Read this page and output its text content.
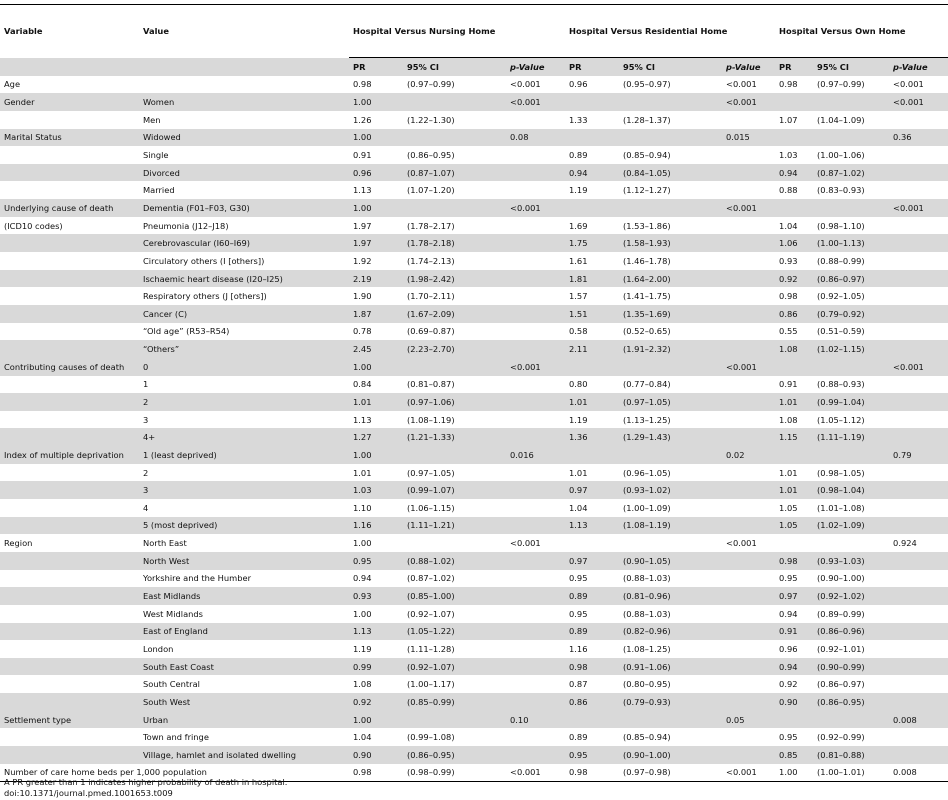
Variable	Value	Hospital Versus Nursing Home			Hospital Versus Residential Home			Hospital Versus Own Home		
		PR	95% CI	p-Value	PR	95% CI	p-Value	PR	95% CI	p-Value
Age		0.98	(0.97–0.99)	<0.001	0.96	(0.95–0.97)	<0.001	0.98	(0.97–0.99)	<0.001
Gender	Women	1.00		<0.001			<0.001			<0.001
	Men	1.26	(1.22–1.30)		1.33	(1.28–1.37)		1.07	(1.04–1.09)	
Marital Status	Widowed	1.00		0.08			0.015			0.36
	Single	0.91	(0.86–0.95)		0.89	(0.85–0.94)		1.03	(1.00–1.06)	
	Divorced	0.96	(0.87–1.07)		0.94	(0.84–1.05)		0.94	(0.87–1.02)	
	Married	1.13	(1.07–1.20)		1.19	(1.12–1.27)		0.88	(0.83–0.93)	
Underlying cause of death	Dementia (F01–F03, G30)	1.00		<0.001			<0.001			<0.001
(ICD10 codes)	Pneumonia (J12–J18)	1.97	(1.78–2.17)		1.69	(1.53–1.86)		1.04	(0.98–1.10)	
	Cerebrovascular (I60–I69)	1.97	(1.78–2.18)		1.75	(1.58–1.93)		1.06	(1.00–1.13)	
	Circulatory others (I [others])	1.92	(1.74–2.13)		1.61	(1.46–1.78)		0.93	(0.88–0.99)	
	Ischaemic heart disease (I20–I25)	2.19	(1.98–2.42)		1.81	(1.64–2.00)		0.92	(0.86–0.97)	
	Respiratory others (J [others])	1.90	(1.70–2.11)		1.57	(1.41–1.75)		0.98	(0.92–1.05)	
	Cancer (C)	1.87	(1.67–2.09)		1.51	(1.35–1.69)		0.86	(0.79–0.92)	
	“Old age” (R53–R54)	0.78	(0.69–0.87)		0.58	(0.52–0.65)		0.55	(0.51–0.59)	
	“Others”	2.45	(2.23–2.70)		2.11	(1.91–2.32)		1.08	(1.02–1.15)	
Contributing causes of death	0	1.00		<0.001			<0.001			<0.001
	1	0.84	(0.81–0.87)		0.80	(0.77–0.84)		0.91	(0.88–0.93)	
	2	1.01	(0.97–1.06)		1.01	(0.97–1.05)		1.01	(0.99–1.04)	
	3	1.13	(1.08–1.19)		1.19	(1.13–1.25)		1.08	(1.05–1.12)	
	4+	1.27	(1.21–1.33)		1.36	(1.29–1.43)		1.15	(1.11–1.19)	
Index of multiple deprivation	1 (least deprived)	1.00		0.016			0.02			0.79
	2	1.01	(0.97–1.05)		1.01	(0.96–1.05)		1.01	(0.98–1.05)	
	3	1.03	(0.99–1.07)		0.97	(0.93–1.02)		1.01	(0.98–1.04)	
	4	1.10	(1.06–1.15)		1.04	(1.00–1.09)		1.05	(1.01–1.08)	
	5 (most deprived)	1.16	(1.11–1.21)		1.13	(1.08–1.19)		1.05	(1.02–1.09)	
Region	North East	1.00		<0.001			<0.001			0.924
	North West	0.95	(0.88–1.02)		0.97	(0.90–1.05)		0.98	(0.93–1.03)	
	Yorkshire and the Humber	0.94	(0.87–1.02)		0.95	(0.88–1.03)		0.95	(0.90–1.00)	
	East Midlands	0.93	(0.85–1.00)		0.89	(0.81–0.96)		0.97	(0.92–1.02)	
	West Midlands	1.00	(0.92–1.07)		0.95	(0.88–1.03)		0.94	(0.89–0.99)	
	East of England	1.13	(1.05–1.22)		0.89	(0.82–0.96)		0.91	(0.86–0.96)	
	London	1.19	(1.11–1.28)		1.16	(1.08–1.25)		0.96	(0.92–1.01)	
	South East Coast	0.99	(0.92–1.07)		0.98	(0.91–1.06)		0.94	(0.90–0.99)	
	South Central	1.08	(1.00–1.17)		0.87	(0.80–0.95)		0.92	(0.86–0.97)	
	South West	0.92	(0.85–0.99)		0.86	(0.79–0.93)		0.90	(0.86–0.95)	
Settlement type	Urban	1.00		0.10			0.05			0.008
	Town and fringe	1.04	(0.99–1.08)		0.89	(0.85–0.94)		0.95	(0.92–0.99)	
	Village, hamlet and isolated dwelling	0.90	(0.86–0.95)		0.95	(0.90–1.00)		0.85	(0.81–0.88)	
Number of care home beds per 1,000 population		0.98	(0.98–0.99)	<0.001	0.98	(0.97–0.98)	<0.001	1.00	(1.00–1.01)	0.008
A PR greater than 1 indicates higher probability of death in hospital.
doi:10.1371/journal.pmed.1001653.t009
